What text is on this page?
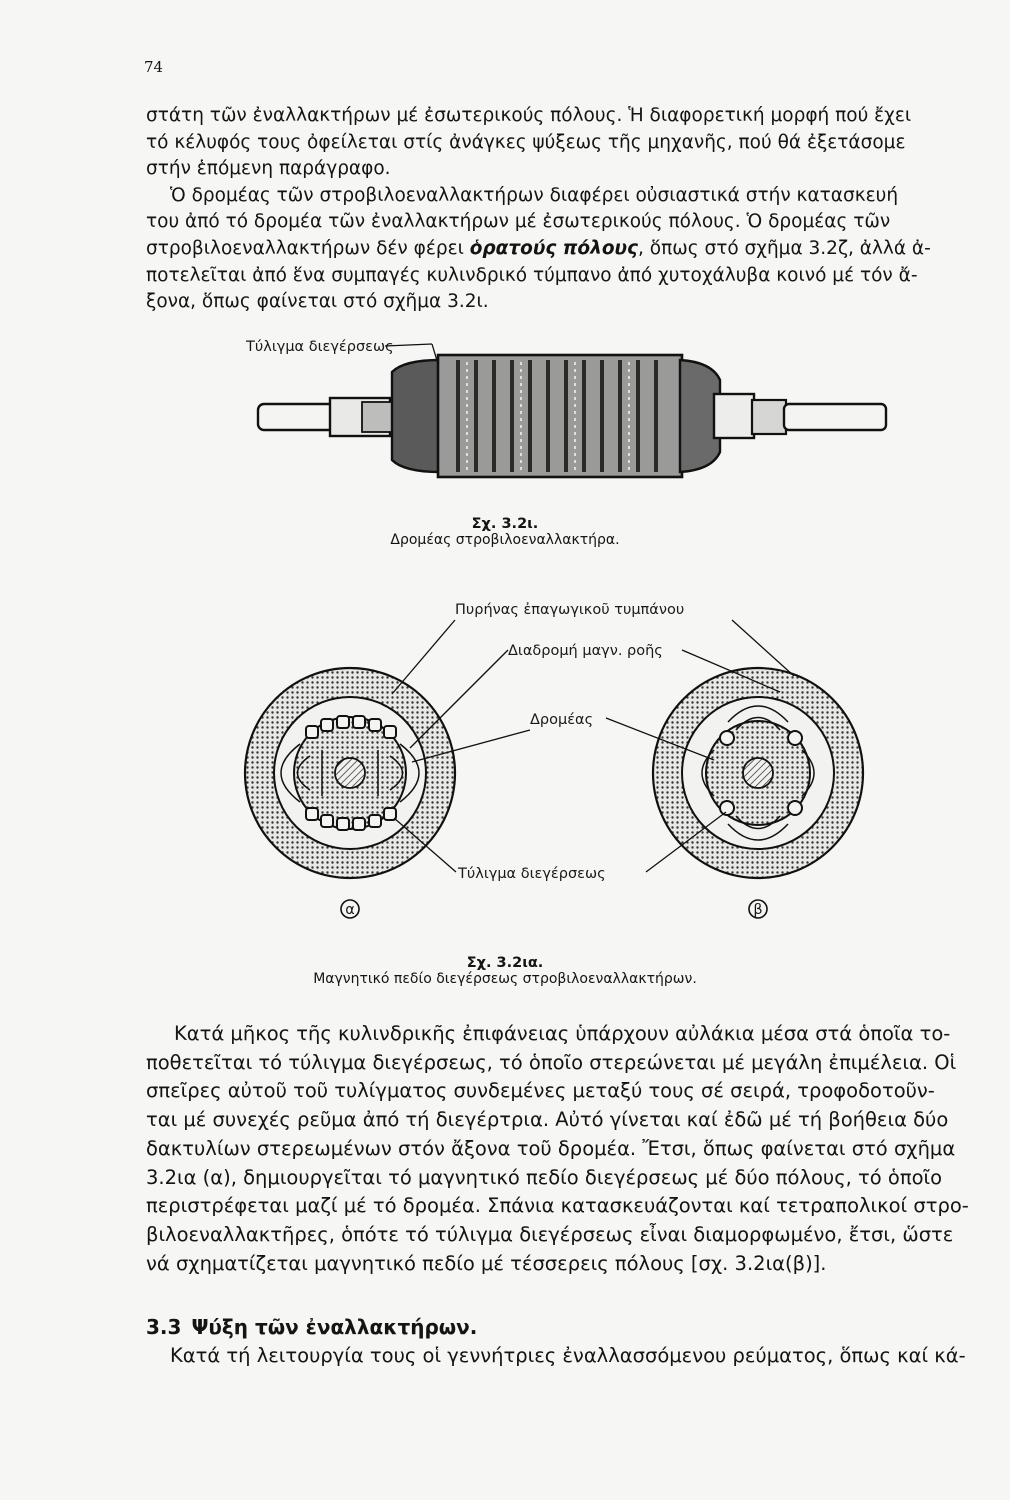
74
στάτη τῶν ἐναλλακτήρων μέ ἐσωτερικούς πόλους. Ἡ διαφορετική μορφή πού ἔχει
τό κέλυφός τους ὀφείλεται στίς ἀνάγκες ψύξεως τῆς μηχανῆς, πού θά ἐξετάσομε
στήν ἑπόμενη παράγραφο.
Ὁ δρομέας τῶν στροβιλοεναλλακτήρων διαφέρει οὐσιαστικά στήν κατασκευή
του ἀπό τό δρομέα τῶν ἐναλλακτήρων μέ ἐσωτερικούς πόλους. Ὁ δρομέας τῶν
στροβιλοεναλλακτήρων δέν φέρει ὁρατούς πόλους, ὅπως στό σχῆμα 3.2ζ, ἀλλά ἀ-
ποτελεῖται ἀπό ἕνα συμπαγές κυλινδρικό τύμπανο ἀπό χυτοχάλυβα κοινό μέ τόν ἄ-
ξονα, ὅπως φαίνεται στό σχῆμα 3.2ι.
Τύλιγμα διεγέρσεως
α	β
Πυρήνας ἐπαγωγικοῦ τυμπάνου
Διαδρομή μαγν. ροῆς
Δρομέας
Τύλιγμα διεγέρσεως
Σχ. 3.2ι.
Δρομέας στροβιλοεναλλακτήρα.
Σχ. 3.2ια.
Μαγνητικό πεδίο διεγέρσεως στροβιλοεναλλακτήρων.
Κατά μῆκος τῆς κυλινδρικῆς ἐπιφάνειας ὑπάρχουν αὐλάκια μέσα στά ὁποῖα το-
ποθετεῖται τό τύλιγμα διεγέρσεως, τό ὁποῖο στερεώνεται μέ μεγάλη ἐπιμέλεια. Οἱ
σπεῖρες αὐτοῦ τοῦ τυλίγματος συνδεμένες μεταξύ τους σέ σειρά, τροφοδοτοῦν-
ται μέ συνεχές ρεῦμα ἀπό τή διεγέρτρια. Αὐτό γίνεται καί ἐδῶ μέ τή βοήθεια δύο
δακτυλίων στερεωμένων στόν ἄξονα τοῦ δρομέα. Ἔτσι, ὅπως φαίνεται στό σχῆμα
3.2ια (α), δημιουργεῖται τό μαγνητικό πεδίο διεγέρσεως μέ δύο πόλους, τό ὁποῖο
περιστρέφεται μαζί μέ τό δρομέα. Σπάνια κατασκευάζονται καί τετραπολικοί στρο-
βιλοεναλλακτῆρες, ὁπότε τό τύλιγμα διεγέρσεως εἶναι διαμορφωμένο, ἔτσι, ὥστε
νά σχηματίζεται μαγνητικό πεδίο μέ τέσσερεις πόλους [σχ. 3.2ια(β)].
3.3 Ψύξη τῶν ἐναλλακτήρων.

Κατά τή λειτουργία τους οἱ γεννήτριες ἐναλλασσόμενου ρεύματος, ὅπως καί κά-
